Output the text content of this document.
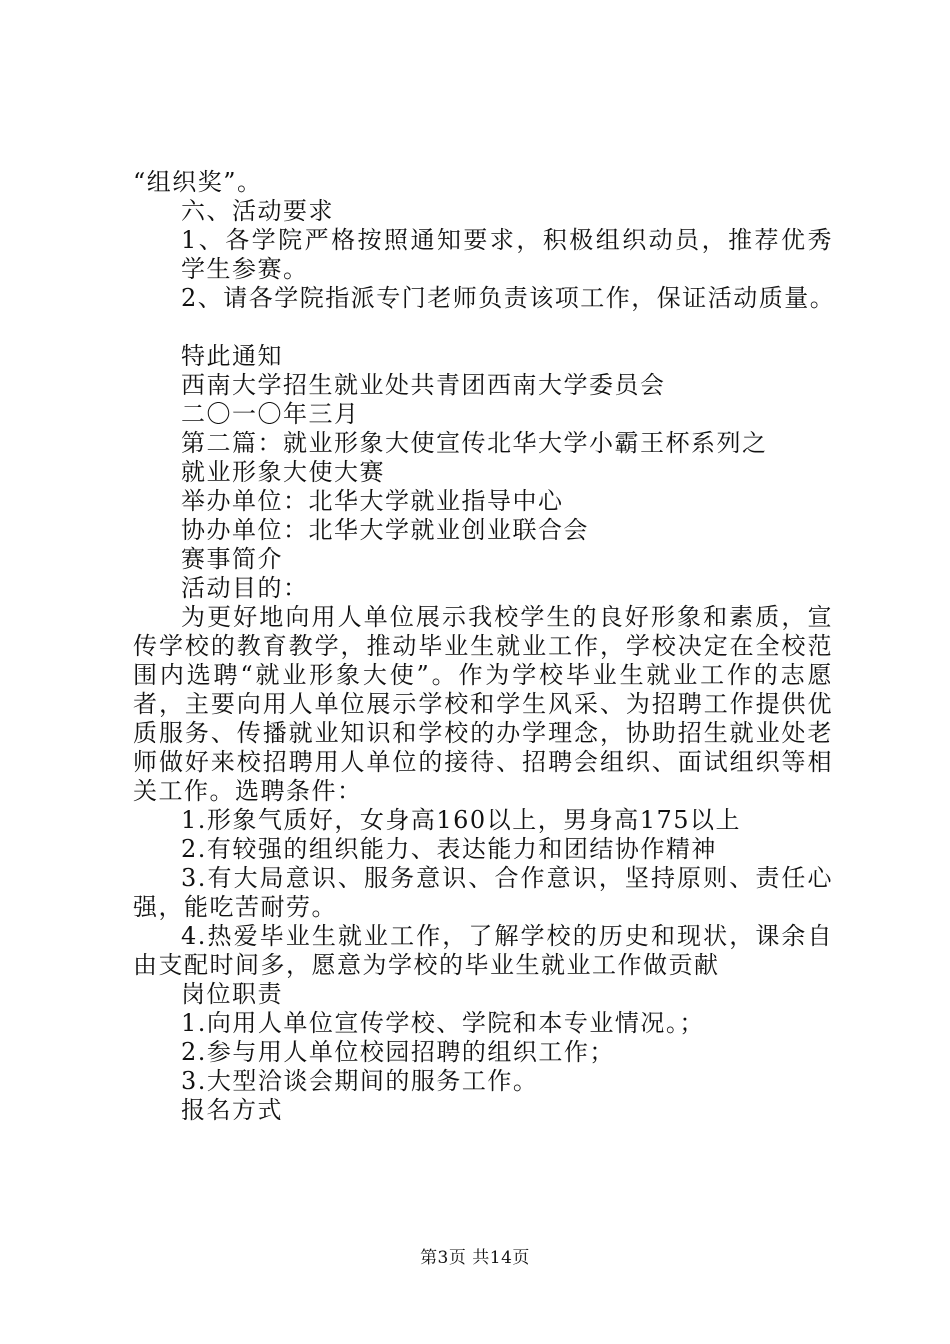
“组织奖”。
六、活动要求
1、各学院严格按照通知要求，积极组织动员，推荐优秀学生参赛。
2、请各学院指派专门老师负责该项工作，保证活动质量。
特此通知
西南大学招生就业处共青团西南大学委员会
二〇一〇年三月
第二篇：就业形象大使宣传北华大学小霸王杯系列之
就业形象大使大赛
举办单位：北华大学就业指导中心
协办单位：北华大学就业创业联合会
赛事简介
活动目的：
为更好地向用人单位展示我校学生的良好形象和素质，宣传学校的教育教学，推动毕业生就业工作，学校决定在全校范围内选聘“就业形象大使”。作为学校毕业生就业工作的志愿者，主要向用人单位展示学校和学生风采、为招聘工作提供优质服务、传播就业知识和学校的办学理念，协助招生就业处老师做好来校招聘用人单位的接待、招聘会组织、面试组织等相关工作。选聘条件：
1.形象气质好，女身高160以上，男身高175以上
2.有较强的组织能力、表达能力和团结协作精神
3.有大局意识、服务意识、合作意识，坚持原则、责任心强，能吃苦耐劳。
4.热爱毕业生就业工作，了解学校的历史和现状，课余自由支配时间多，愿意为学校的毕业生就业工作做贡献
岗位职责
1.向用人单位宣传学校、学院和本专业情况。；
2.参与用人单位校园招聘的组织工作；
3.大型洽谈会期间的服务工作。
报名方式
第3页 共14页
